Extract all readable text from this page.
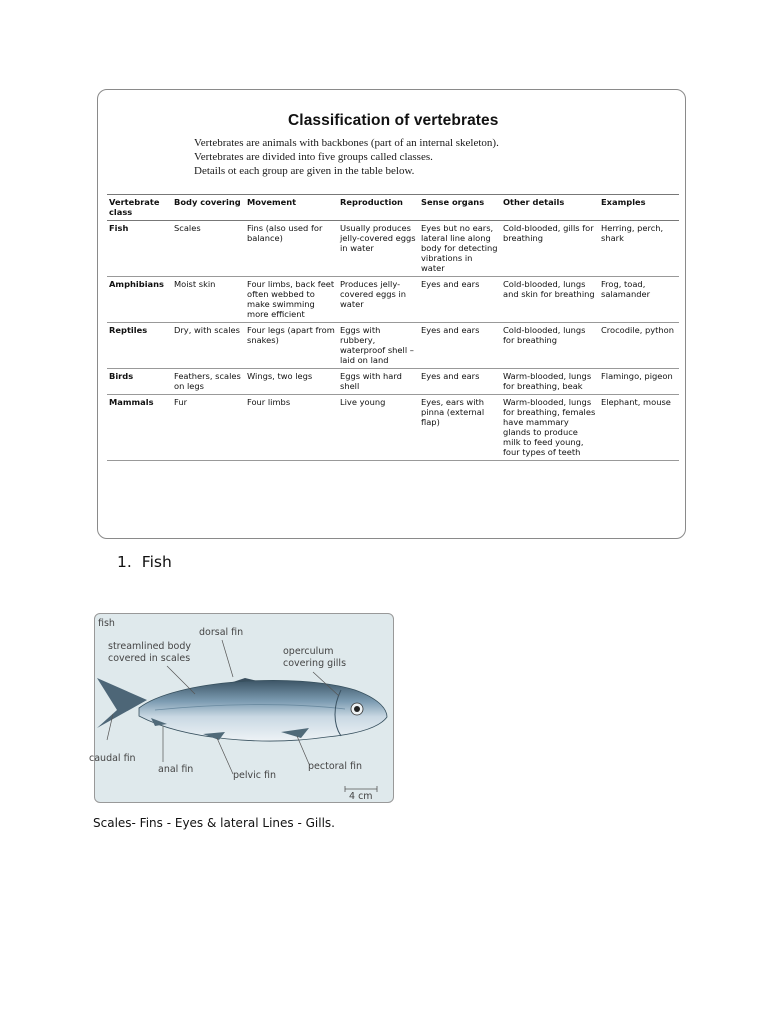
Classification of vertebrates
Vertebrates are animals with backbones (part of an internal skeleton).
Vertebrates are divided into five groups called classes.
Details ot each group are given in the table below.
Vertebrate class	Body covering	Movement	Reproduction	Sense organs	Other details	Examples
Fish	Scales	Fins (also used for balance)	Usually produces jelly-covered eggs in water	Eyes but no ears, lateral line along body for detecting vibrations in water	Cold-blooded, gills for breathing	Herring, perch, shark
Amphibians	Moist skin	Four limbs, back feet often webbed to make swimming more efficient	Produces jelly-covered eggs in water	Eyes and ears	Cold-blooded, lungs and skin for breathing	Frog, toad, salamander
Reptiles	Dry, with scales	Four legs (apart from snakes)	Eggs with rubbery, waterproof shell – laid on land	Eyes and ears	Cold-blooded, lungs for breathing	Crocodile, python
Birds	Feathers, scales on legs	Wings, two legs	Eggs with hard shell	Eyes and ears	Warm-blooded, lungs for breathing, beak	Flamingo, pigeon
Mammals	Fur	Four limbs	Live young	Eyes, ears with pinna (external flap)	Warm-blooded, lungs for breathing, females have mammary glands to produce milk to feed young, four types of teeth	Elephant, mouse
1. Fish
fish
dorsal fin
streamlined body
covered in scales
operculum
covering gills
caudal fin
anal fin
pelvic fin
pectoral fin
4 cm
Scales- Fins - Eyes & lateral Lines - Gills.
